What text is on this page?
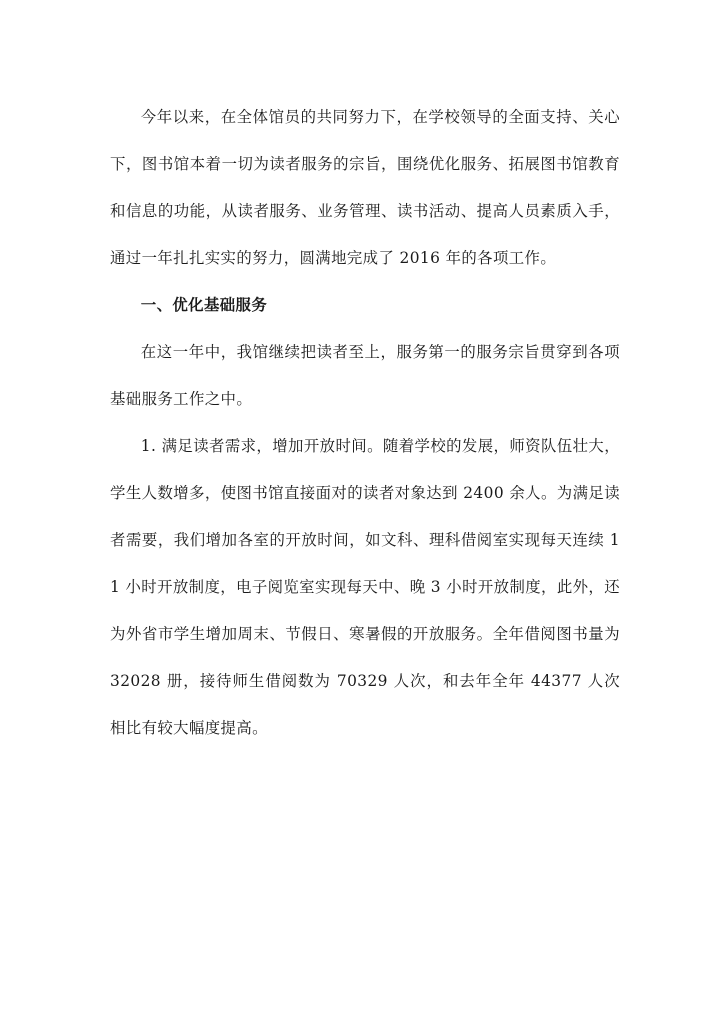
今年以来，在全体馆员的共同努力下，在学校领导的全面支持、关心下，图书馆本着一切为读者服务的宗旨，围绕优化服务、拓展图书馆教育和信息的功能，从读者服务、业务管理、读书活动、提高人员素质入手，通过一年扎扎实实的努力，圆满地完成了 2016 年的各项工作。

一、优化基础服务

在这一年中，我馆继续把读者至上，服务第一的服务宗旨贯穿到各项基础服务工作之中。

1. 满足读者需求，增加开放时间。随着学校的发展，师资队伍壮大，学生人数增多，使图书馆直接面对的读者对象达到 2400 余人。为满足读者需要，我们增加各室的开放时间，如文科、理科借阅室实现每天连续 11 小时开放制度，电子阅览室实现每天中、晚 3 小时开放制度，此外，还为外省市学生增加周末、节假日、寒暑假的开放服务。全年借阅图书量为 32028 册，接待师生借阅数为 70329 人次，和去年全年 44377 人次相比有较大幅度提高。
